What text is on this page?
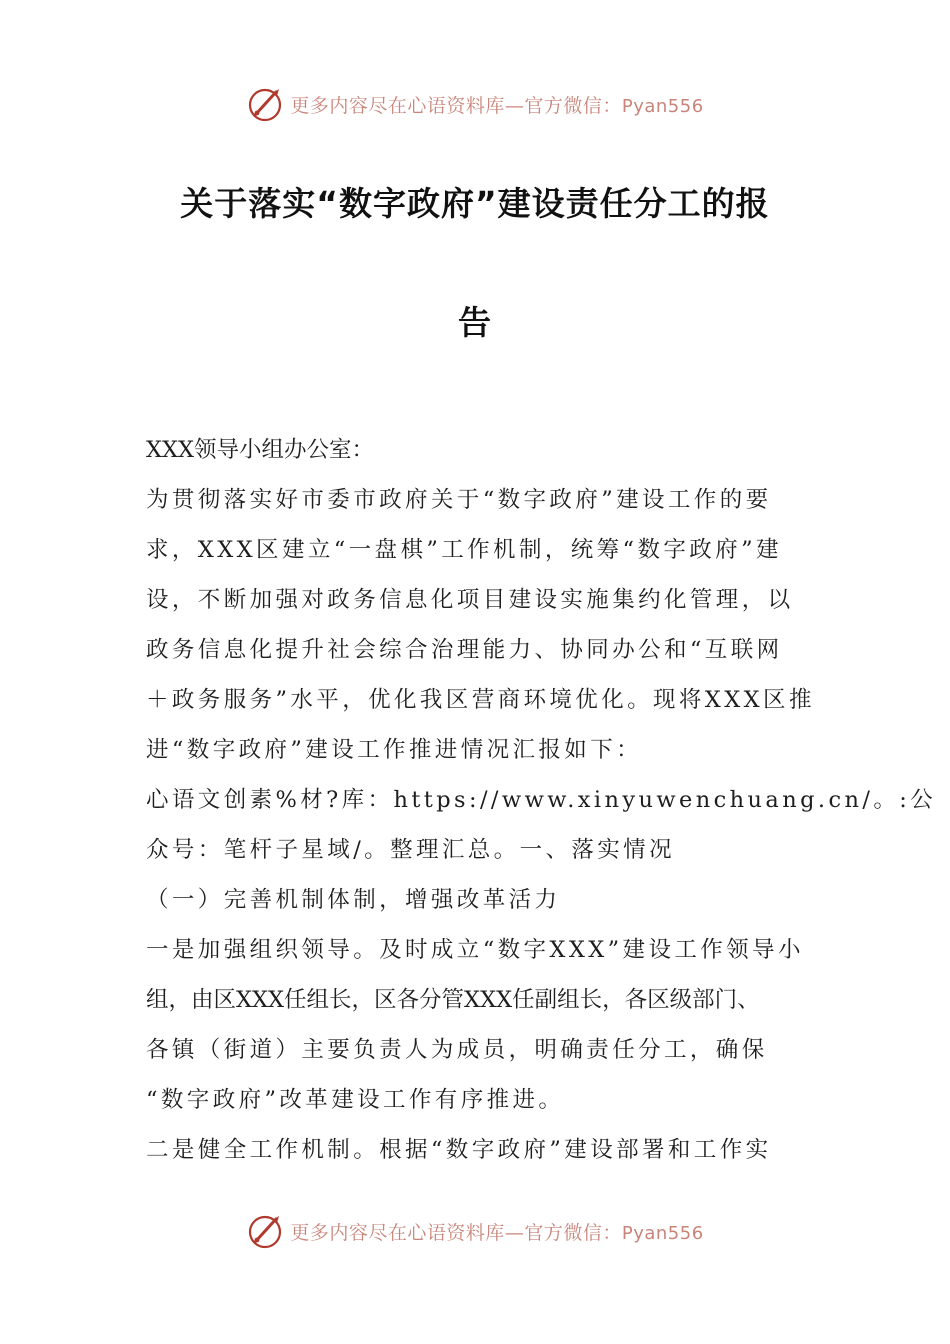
更多内容尽在心语资料库—官方微信：Pyan556
关于落实“数字政府”建设责任分工的报
告
XXX领导小组办公室：
为贯彻落实好市委市政府关于“数字政府”建设工作的要
求，XXX区建立“一盘棋”工作机制，统筹“数字政府”建
设，不断加强对政务信息化项目建设实施集约化管理，以
政务信息化提升社会综合治理能力、协同办公和“互联网
＋政务服务”水平，优化我区营商环境优化。现将XXX区推
进“数字政府”建设工作推进情况汇报如下：
心语文创素%材?库：https://www.xinyuwenchuang.cn/。:公
众号：笔杆子星域/。整理汇总。一、落实情况
（一）完善机制体制，增强改革活力
一是加强组织领导。及时成立“数字XXX”建设工作领导小
组，由区XXX任组长，区各分管XXX任副组长，各区级部门、
各镇（街道）主要负责人为成员，明确责任分工，确保
“数字政府”改革建设工作有序推进。
二是健全工作机制。根据“数字政府”建设部署和工作实
更多内容尽在心语资料库—官方微信：Pyan556
